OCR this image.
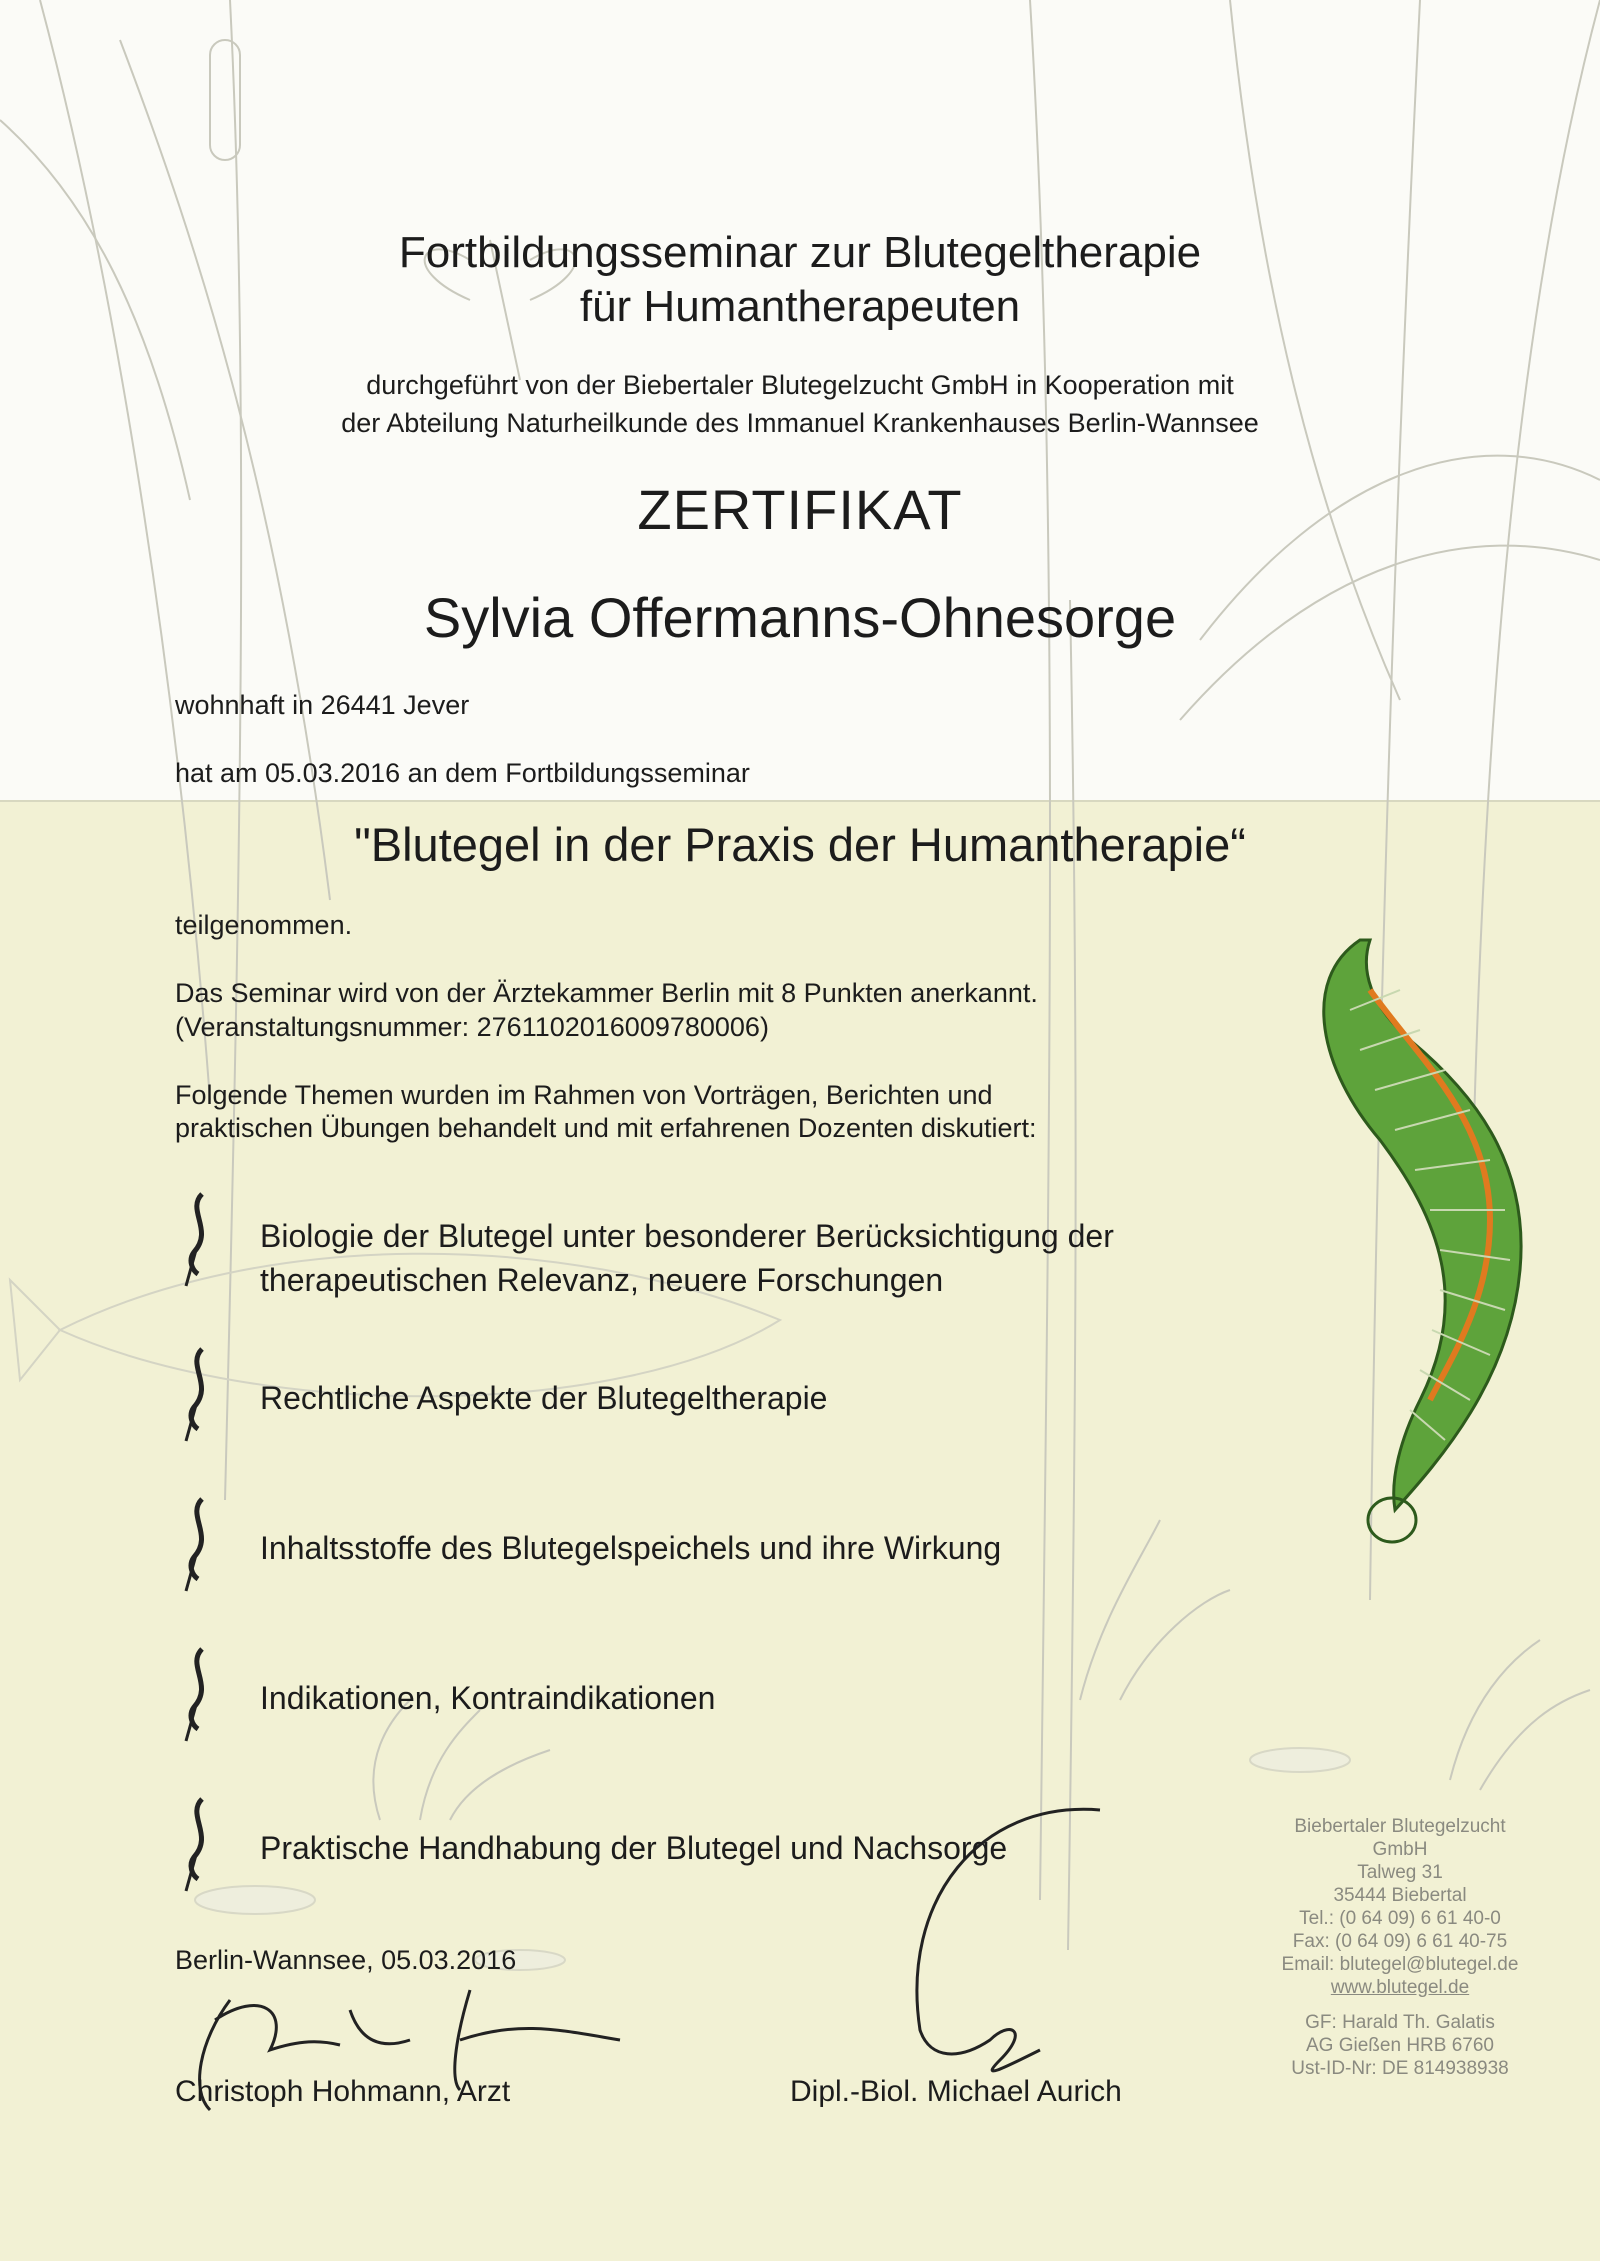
Fortbildungsseminar zur Blutegeltherapie
für Humantherapeuten
durchgeführt von der Biebertaler Blutegelzucht GmbH in Kooperation mit
der Abteilung Naturheilkunde des Immanuel Krankenhauses Berlin-Wannsee
ZERTIFIKAT
Sylvia Offermanns-Ohnesorge
wohnhaft in 26441 Jever
hat am 05.03.2016 an dem Fortbildungsseminar
"Blutegel in der Praxis der Humantherapie“
teilgenommen.
Das Seminar wird von der Ärztekammer Berlin mit 8 Punkten anerkannt.
(Veranstaltungsnummer: 2761102016009780006)
Folgende Themen wurden im Rahmen von Vorträgen, Berichten und
praktischen Übungen behandelt und mit erfahrenen Dozenten diskutiert:
Biologie der Blutegel unter besonderer Berücksichtigung der
therapeutischen Relevanz, neuere Forschungen
Rechtliche Aspekte der Blutegeltherapie
Inhaltsstoffe des Blutegelspeichels und ihre Wirkung
Indikationen, Kontraindikationen
Praktische Handhabung der Blutegel und Nachsorge
Berlin-Wannsee, 05.03.2016
Christoph Hohmann, Arzt	Dipl.-Biol. Michael Aurich
Biebertaler Blutegelzucht
GmbH
Talweg 31
35444 Biebertal
Tel.: (0 64 09) 6 61 40-0
Fax: (0 64 09) 6 61 40-75
Email: blutegel@blutegel.de
www.blutegel.de
GF: Harald Th. Galatis
AG Gießen HRB 6760
Ust-ID-Nr: DE 814938938
